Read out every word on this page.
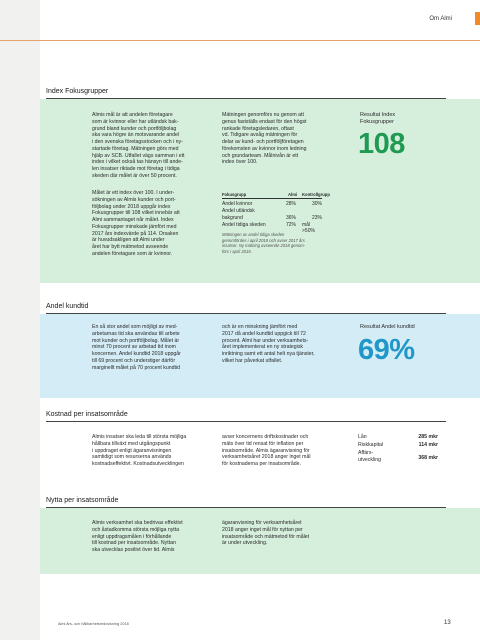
Om Almi
Index Fokusgrupper
Almis mål är att andelen företagare
som är kvinnor eller har utländsk bak-
grund bland kunder och portföljbolag
ska vara högre än motsvarande andel
i den svenska företagsstocken och i ny-
startade företag. Mätningen görs med
hjälp av SCB. Utfallet vägs samman i ett
index i vilket också tas hänsyn till ande-
len insatser riktade mot företag i tidiga
skeden där målet är över 50 procent.
Målet är ett index över 100. I under-
sökningen av Almis kunder och port-
följbolag under 2018 uppgår index
Fokusgrupper till 108 vilket innebär att
Almi sammantaget når målet. Index
Fokusgrupper minskade jämfört med
2017 års indexvärde på 114. Orsaken
är huvudsakligen att Almi under
året har bytt mätmetod avseende
andelen företagare som är kvinnor.
Mätningen genomförs nu genom att
genus fastställs endast för den högst
rankade företagsledaren, oftast
vd. Tidigare avsåg mätningen för
delar av kund- och portföljföretagen
förekomsten av kvinnor inom ledning
och grundarteam. Målnivån är ett
index över 100.
Fokusgrupp	Almi Kontrollgrupp
Andel kvinnor	28%	30%
Andel utländsk
bakgrund	36%	23%
Andel tidiga skeden	72% mål >50%
Mätningen av andel tidiga skeden
genomfördes i april 2018 och avser 2017 års
insatser. Ny mätning avseende 2018 genom-
förs i april 2019.
Resultat Index
Fokusgrupper
108
Andel kundtid
En så stor andel som möjligt av med-
arbetarnas tid ska användas till arbete
mot kunder och portföljbolag. Målet är
minst 70 procent av arbetad tid inom
koncernen. Andel kundtid 2018 uppgår
till 69 procent och understiger därför
marginellt målet på 70 procent kundtid
och är en minskning jämfört med
2017 då andel kundtid uppgick till 72
procent. Almi har under verksamhets-
året implementerat en ny strategisk
inriktning samt ett antal helt nya tjänster,
vilket har påverkat utfallet.
Resultat Andel kundtid
69%
Kostnad per insatsområde
Almis insatser ska leda till största möjliga
hållbara tillväxt med utgångspunkt
i uppdraget enligt ägaranvisningen
samtidigt som resurserna används
kostnadseffektivt. Kostnadsutvecklingen
avser koncernens driftskostnader och
mäts över tid rensat för inflation per
insatsområde. Almis ägaranvisning för
verksamhetsåret 2018 anger inget mål
för kostnaderna per insatsområde.
Lån	285 mkr
Riskkapital	114 mkr
Affärs-
utveckling	368 mkr
Nytta per insatsområde
Almis verksamhet ska bedrivas effektivt
och åstadkomma största möjliga nytta
enligt uppdragsmålen i förhållande
till kostnad per insatsområde. Nyttan
ska utvecklas positivt över tid. Almis
ägaranvisning för verksamhetsåret
2018 anger inget mål för nyttan per
insatsområde och mätmetod för målet
är under utveckling.
Almi års- och hållbarhetsredovisning 2018	13
